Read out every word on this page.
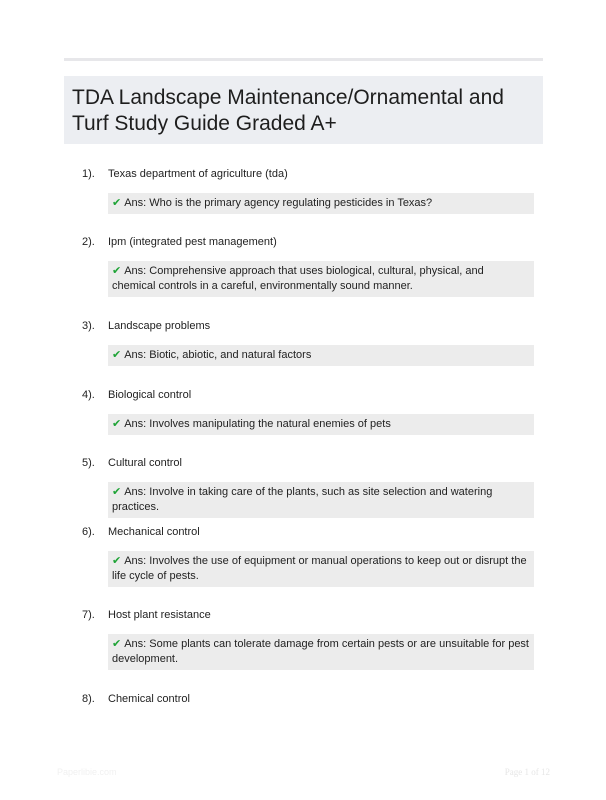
TDA Landscape Maintenance/Ornamental and Turf Study Guide Graded A+
1). Texas department of agriculture (tda)
✔ Ans: Who is the primary agency regulating pesticides in Texas?
2). Ipm (integrated pest management)
✔ Ans: Comprehensive approach that uses biological, cultural, physical, and chemical controls in a careful, environmentally sound manner.
3). Landscape problems
✔ Ans: Biotic, abiotic, and natural factors
4). Biological control
✔ Ans: Involves manipulating the natural enemies of pets
5). Cultural control
✔ Ans: Involve in taking care of the plants, such as site selection and watering practices.
6). Mechanical control
✔ Ans: Involves the use of equipment or manual operations to keep out or disrupt the life cycle of pests.
7). Host plant resistance
✔ Ans: Some plants can tolerate damage from certain pests or are unsuitable for pest development.
8). Chemical control
Paperlibie.com	Page 1 of 12
